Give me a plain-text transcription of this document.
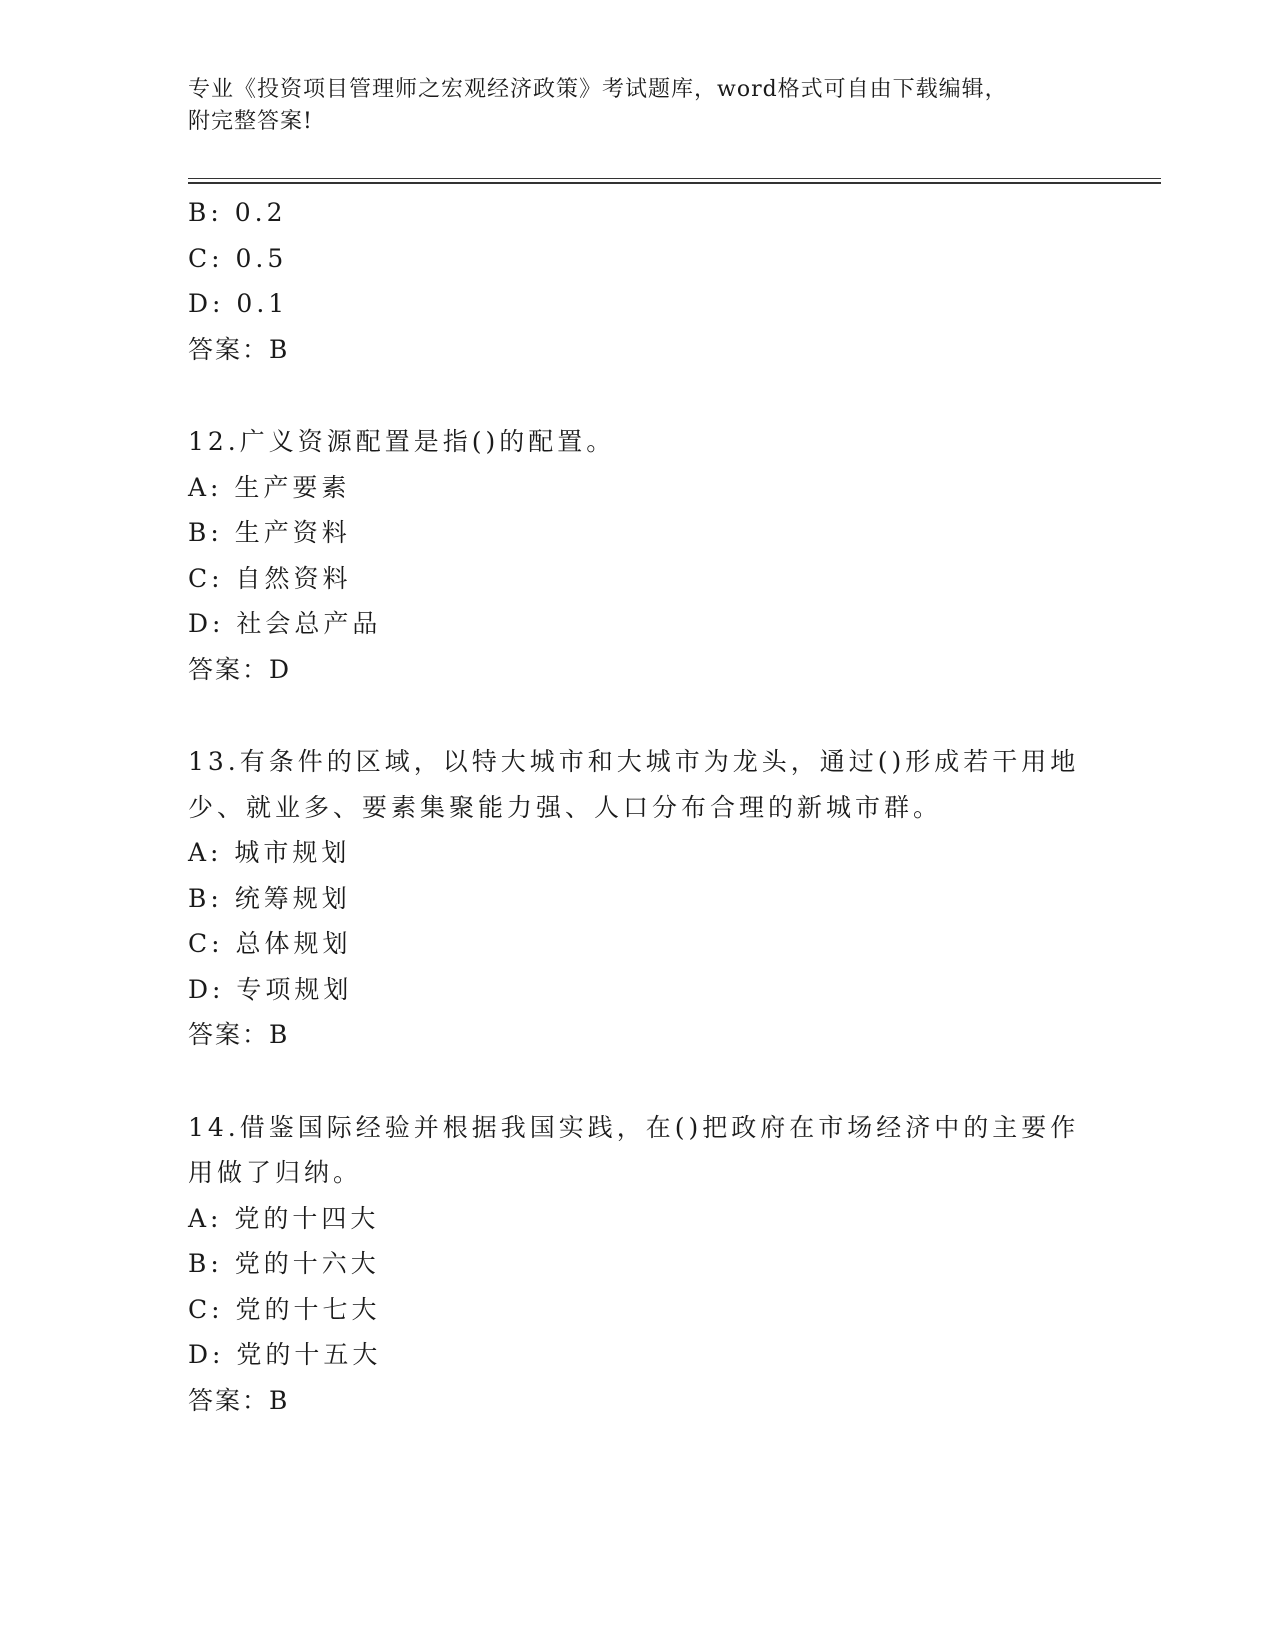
专业《投资项目管理师之宏观经济政策》考试题库，word格式可自由下载编辑，
附完整答案!
B: 0.2
C: 0.5
D: 0.1
答案：B
12.广义资源配置是指()的配置。
A: 生产要素
B: 生产资料
C: 自然资料
D: 社会总产品
答案：D
13.有条件的区域，以特大城市和大城市为龙头，通过()形成若干用地
少、就业多、要素集聚能力强、人口分布合理的新城市群。
A: 城市规划
B: 统筹规划
C: 总体规划
D: 专项规划
答案：B
14.借鉴国际经验并根据我国实践，在()把政府在市场经济中的主要作
用做了归纳。
A: 党的十四大
B: 党的十六大
C: 党的十七大
D: 党的十五大
答案：B
